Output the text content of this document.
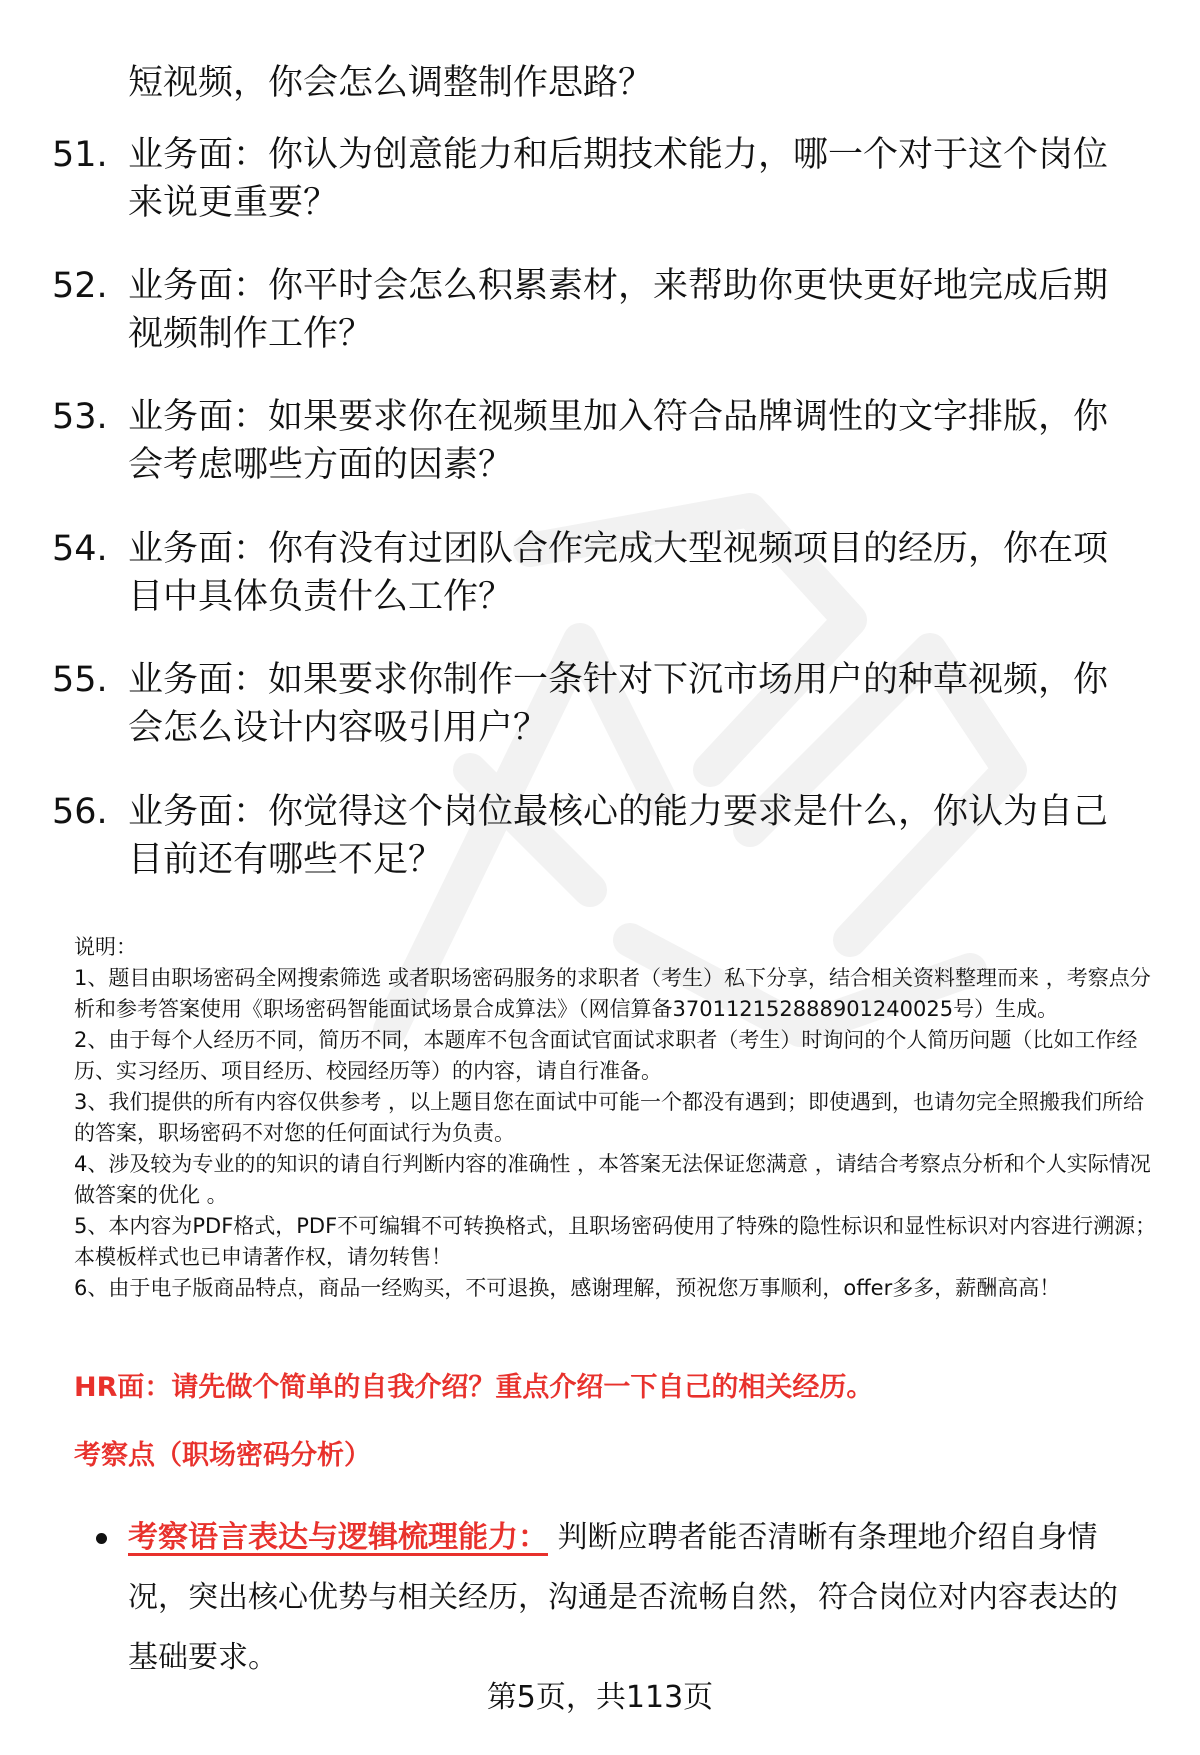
短视频，你会怎么调整制作思路？
51. 业务面：你认为创意能力和后期技术能力，哪一个对于这个岗位来说更重要？
52. 业务面：你平时会怎么积累素材，来帮助你更快更好地完成后期视频制作工作？
53. 业务面：如果要求你在视频里加入符合品牌调性的文字排版，你会考虑哪些方面的因素？
54. 业务面：你有没有过团队合作完成大型视频项目的经历，你在项目中具体负责什么工作？
55. 业务面：如果要求你制作一条针对下沉市场用户的种草视频，你会怎么设计内容吸引用户？
56. 业务面：你觉得这个岗位最核心的能力要求是什么，你认为自己目前还有哪些不足？

说明：

1、题目由职场密码全网搜索筛选 或者职场密码服务的求职者（考生）私下分享，结合相关资料整理而来 ，考察点分析和参考答案使用《职场密码智能面试场景合成算法》（网信算备370112152888901240025号）生成。

2、由于每个人经历不同，简历不同，本题库不包含面试官面试求职者（考生）时询问的个人简历问题（比如工作经历、实习经历、项目经历、校园经历等）的内容，请自行准备。

3、我们提供的所有内容仅供参考 ，以上题目您在面试中可能一个都没有遇到；即使遇到，也请勿完全照搬我们所给的答案，职场密码不对您的任何面试行为负责。

4、涉及较为专业的的知识的请自行判断内容的准确性 ，本答案无法保证您满意 ，请结合考察点分析和个人实际情况做答案的优化 。

5、本内容为PDF格式，PDF不可编辑不可转换格式，且职场密码使用了特殊的隐性标识和显性标识对内容进行溯源；本模板样式也已申请著作权，请勿转售！

6、由于电子版商品特点，商品一经购买，不可退换，感谢理解，预祝您万事顺利，offer多多，薪酬高高！

HR面：请先做个简单的自我介绍？重点介绍一下自己的相关经历。
考察点（职场密码分析）
考察语言表达与逻辑梳理能力： 判断应聘者能否清晰有条理地介绍自身情况，突出核心优势与相关经历，沟通是否流畅自然，符合岗位对内容表达的基础要求。
第5页，共113页
